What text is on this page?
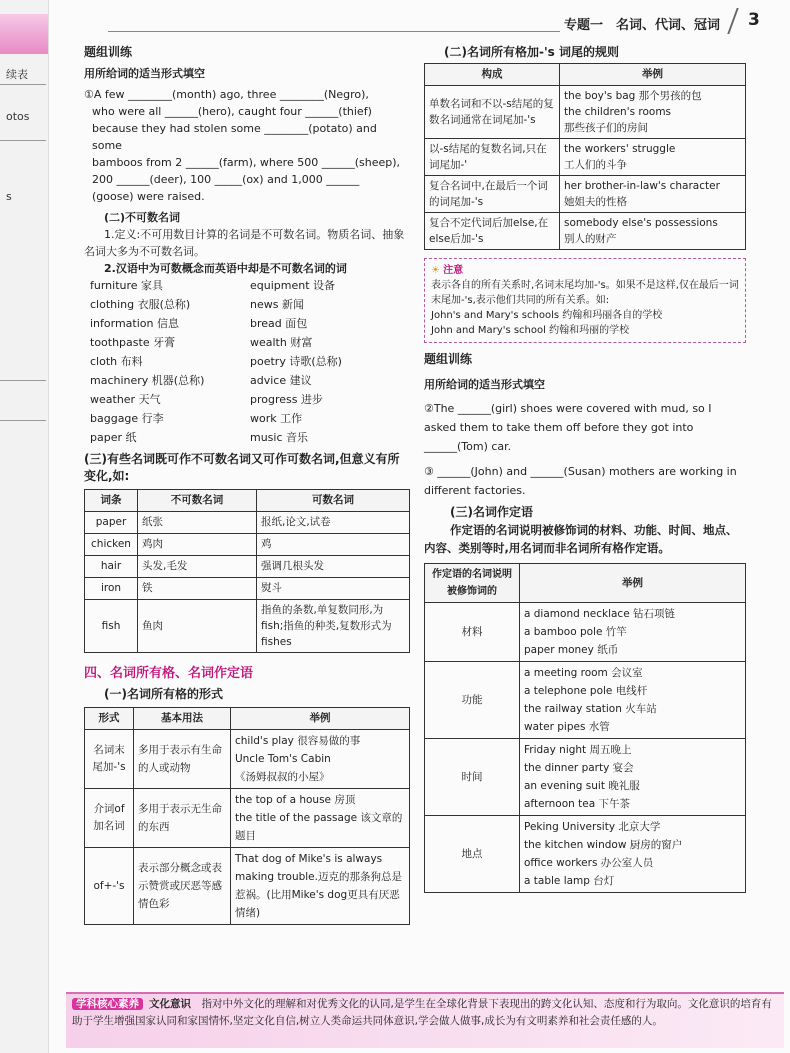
续表
otos
s
专题一　名词、代词、冠词 3

题组训练

用所给词的适当形式填空

①A few ________(month) ago, three ________(Negro),

who were all ______(hero), caught four ______(thief)

because they had stolen some ________(potato) and some

bamboos from 2 ______(farm), where 500 ______(sheep),

200 ______(deer), 100 _____(ox) and 1,000 ______

(goose) were raised.

(二)不可数名词

1.定义:不可用数目计算的名词是不可数名词。物质名词、抽象名词大多为不可数名词。

2.汉语中为可数概念而英语中却是不可数名词的词

furniture 家具	equipment 设备
clothing 衣服(总称)	news 新闻
information 信息	bread 面包
toothpaste 牙膏	wealth 财富
cloth 布料	poetry 诗歌(总称)
machinery 机器(总称)	advice 建议
weather 天气	progress 进步
baggage 行李	work 工作
paper 纸	music 音乐

(三)有些名词既可作不可数名词又可作可数名词,但意义有所变化,如:

词条	不可数名词	可数名词
paper	纸张	报纸,论文,试卷
chicken	鸡肉	鸡
hair	头发,毛发	强调几根头发
iron	铁	熨斗
fish	鱼肉	指鱼的条数,单复数同形,为fish;指鱼的种类,复数形式为fishes

四、名词所有格、名词作定语

(一)名词所有格的形式

形式	基本用法	举例
名词末尾加-'s	多用于表示有生命的人或动物	child's play 很容易做的事
Uncle Tom's Cabin
《汤姆叔叔的小屋》
介词of加名词	多用于表示无生命的东西	the top of a house 房顶
the title of the passage 该文章的题目
of+-'s	表示部分概念或表示赞赏或厌恶等感情色彩	That dog of Mike's is always making trouble.迈克的那条狗总是惹祸。(比用Mike's dog更具有厌恶情绪)

(二)名词所有格加-'s 词尾的规则

构成	举例
单数名词和不以-s结尾的复数名词通常在词尾加-'s	the boy's bag 那个男孩的包
the children's rooms
那些孩子们的房间
以-s结尾的复数名词,只在词尾加-'	the workers' struggle
工人们的斗争
复合名词中,在最后一个词的词尾加-'s	her brother-in-law's character
她姐夫的性格
复合不定代词后加else,在else后加-'s	somebody else's possessions
别人的财产
☀ 注意

表示各自的所有关系时,名词末尾均加-'s。如果不是这样,仅在最后一词末尾加-'s,表示他们共同的所有关系。如:

John's and Mary's schools 约翰和玛丽各自的学校

John and Mary's school 约翰和玛丽的学校

题组训练

用所给词的适当形式填空

②The ______(girl) shoes were covered with mud, so I asked them to take them off before they got into ______(Tom) car.

③ ______(John) and ______(Susan) mothers are working in different factories.

(三)名词作定语

作定语的名词说明被修饰词的材料、功能、时间、地点、内容、类别等时,用名词而非名词所有格作定语。

作定语的名词说明被修饰词的	举例
材料	a diamond necklace 钻石项链
a bamboo pole 竹竿
paper money 纸币
功能	a meeting room 会议室
a telephone pole 电线杆
the railway station 火车站
water pipes 水管
时间	Friday night 周五晚上
the dinner party 宴会
an evening suit 晚礼服
afternoon tea 下午茶
地点	Peking University 北京大学
the kitchen window 厨房的窗户
office workers 办公室人员
a table lamp 台灯
学科核心素养 文化意识　 指对中外文化的理解和对优秀文化的认同,是学生在全球化背景下表现出的跨文化认知、态度和行为取向。文化意识的培育有助于学生增强国家认同和家国情怀,坚定文化自信,树立人类命运共同体意识,学会做人做事,成长为有文明素养和社会责任感的人。
